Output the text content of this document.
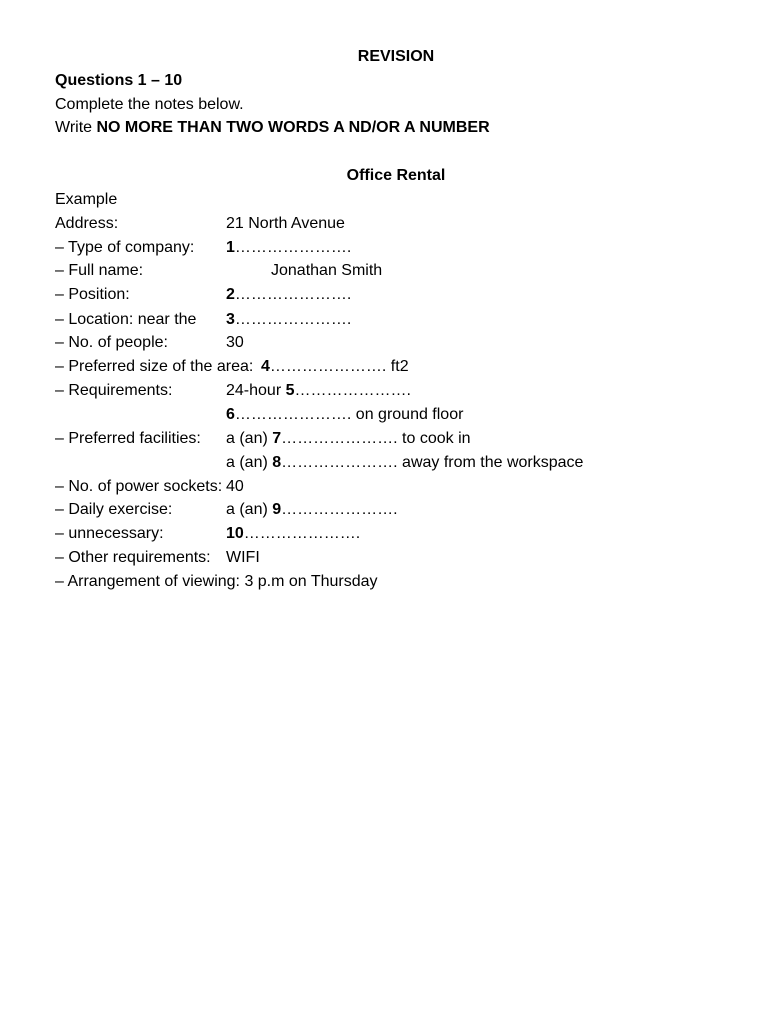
REVISION
Questions 1 – 10
Complete the notes below.
Write NO MORE THAN TWO WORDS A ND/OR A NUMBER
Office Rental
Example
Address:	21 North Avenue
– Type of company: 1………………….
– Full name:	Jonathan Smith
– Position:	2………………….
– Location: near the 3………………….
– No. of people:	30
– Preferred size of the area: 4…………………. ft2
– Requirements:	24-hour 5………………….
6…………………. on ground floor
– Preferred facilities: a (an) 7…………………. to cook in
a (an) 8…………………. away from the workspace
– No. of power sockets: 40
– Daily exercise:	a (an) 9………………….
– unnecessary:	10………………….
– Other requirements: WIFI
– Arrangement of viewing: 3 p.m on Thursday
